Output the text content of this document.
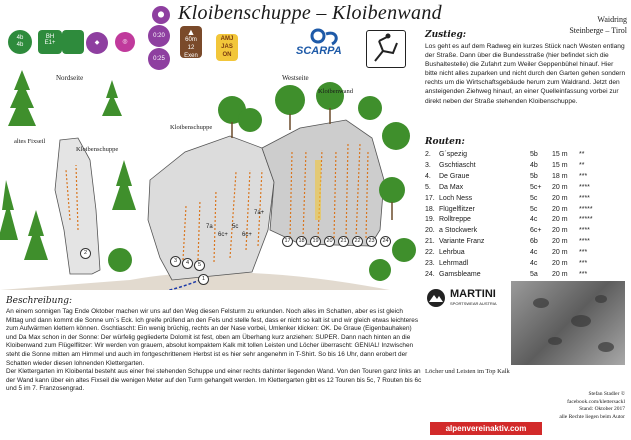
Kloibenschuppe – Kloibenwand	Waidring
Steinberge – Tirol
4b
4b
BH
E1+	◆	◎
⬤
0:20
0:25
▲
60m
12 Exen
AMJ
JAS
ON	SCARPA
Nordseite	Westseite
Kloibenwand
Kloibenschuppe
Kloibenschuppe
altes Fixseil
7a
6c+
5c
6c+
7a+
2
3	4	5
1
17	18	19	20	21	22	23	24
Zustieg:
Los geht es auf dem Radweg ein kurzes Stück nach Westen entlang der Straße. Dann über die Bundesstraße (hier befindet sich die Bushaltestelle) die Zufahrt zum Weiler Geppenbühel hinauf. Hier bitte nicht alles zuparken und nicht durch den Garten gehen sondern rechts um die Wirtschaftsgebäude herum zum Waldrand. Jetzt den ansteigenden Ziehweg hinauf, an einer Quelleinfassung vorbei zur direkt neben der Straße stehenden Kloibenschuppe.
Routen:
2.	G´spezig	5b	15 m	**
3.	Gschtiascht	4b	15 m	**
4.	De Graue	5b	18 m	***
5.	Da Max	5c+	20 m	****
17.	Loch Ness	5c	20 m	****
18.	Flügelflitzer	5c	20 m	*****
19.	Rolltreppe	4c	20 m	*****
20.	a Stockwerk	6c+	20 m	****
21.	Variante Franz	6b	20 m	****
22.	Lehrbua	4c	20 m	***
23.	Lehrmadl	4c	20 m	***
24.	Gamsbleame	5a	20 m	***
MARTINI
SPORTSWEAR AUSTRIA
Löcher und Leisten im Top Kalk
Beschreibung:
An einem sonnigen Tag Ende Oktober machen wir uns auf den Weg diesen Felsturm zu erkunden. Noch alles im Schatten, aber es ist gleich Mittag und dann kommt die Sonne um´s Eck. Ich greife prüfend an den Fels und stelle fest, dass er nicht so kalt ist und wir gleich etwas leichteres zum Aufwärmen klettern können. Gschtiascht: Ein wenig brüchig, rechts an der Nase vorbei, Umlenker klicken: OK. De Graue (Eigenbauhaken) und Da Max schon in der Sonne: Der würfelig gegliederte Dolomit ist fest, oben am Überhang kurz anziehen: SUPER. Dann nach hinten an die Kloibenwand zum Flügelflitzer: Wir werden von grauem, absolut kompaktem Kalk mit tollen Leisten und Löcher überrascht: GENIAL! Inzwischen steht die Sonne mitten am Himmel und auch im fortgeschrittenem Herbst ist es hier sehr angenehm in T-Shirt. So bis 16 Uhr, dann erobert der Schatten wieder diesen lohnenden Klettergarten.
Der Klettergarten im Kloibental besteht aus einer frei stehenden Schuppe und einer rechts dahinter liegenden Wand. Von den Touren ganz links an der Wand kann über ein altes Fixseil die wenigen Meter auf den Turm gehangelt werden. Im Klettergarten gibt es 12 Touren bis 5c, 7 Routen bis 6c und 5 im 7. Franzosengrad.
Stefan Stadler ©
facebook.com/klettersackl
Stand: Oktober 2017
alle Rechte liegen beim Autor
alpenvereinaktiv.com
